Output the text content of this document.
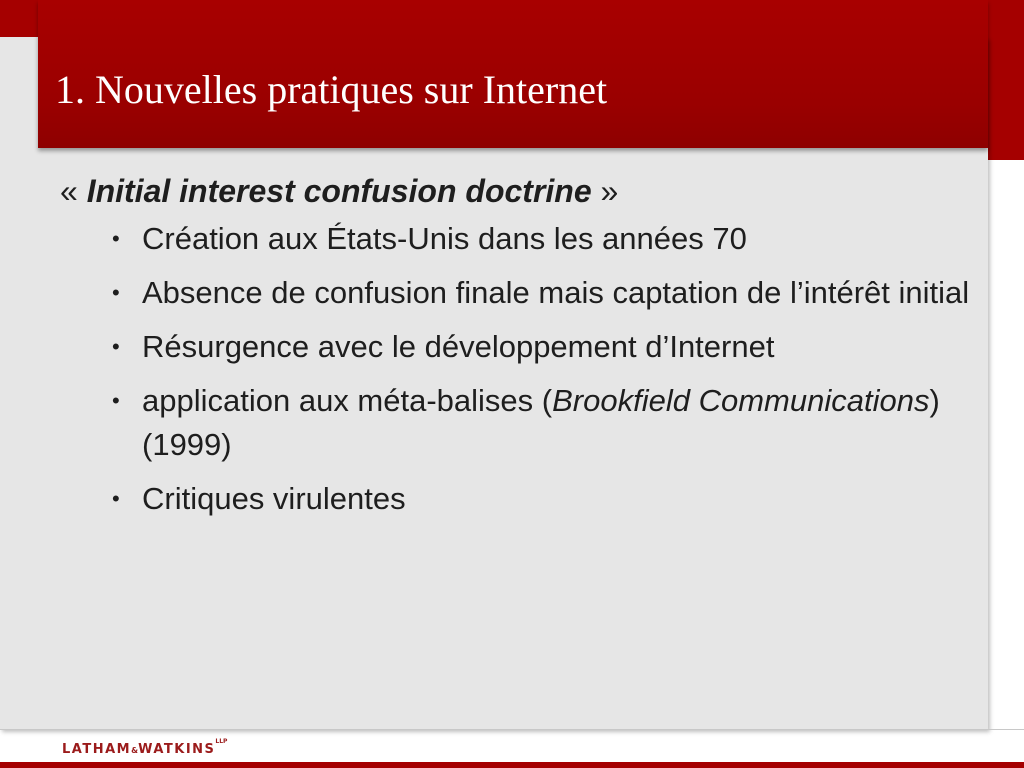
1. Nouvelles pratiques sur Internet

« Initial interest confusion doctrine »

• Création aux États-Unis dans les années 70
• Absence de confusion finale mais captation de l’intérêt initial
• Résurgence avec le développement d’Internet
• application aux méta-balises (Brookfield Communications) (1999)
• Critiques virulentes
$LATHAM\&WATKINS^{LLP}$
